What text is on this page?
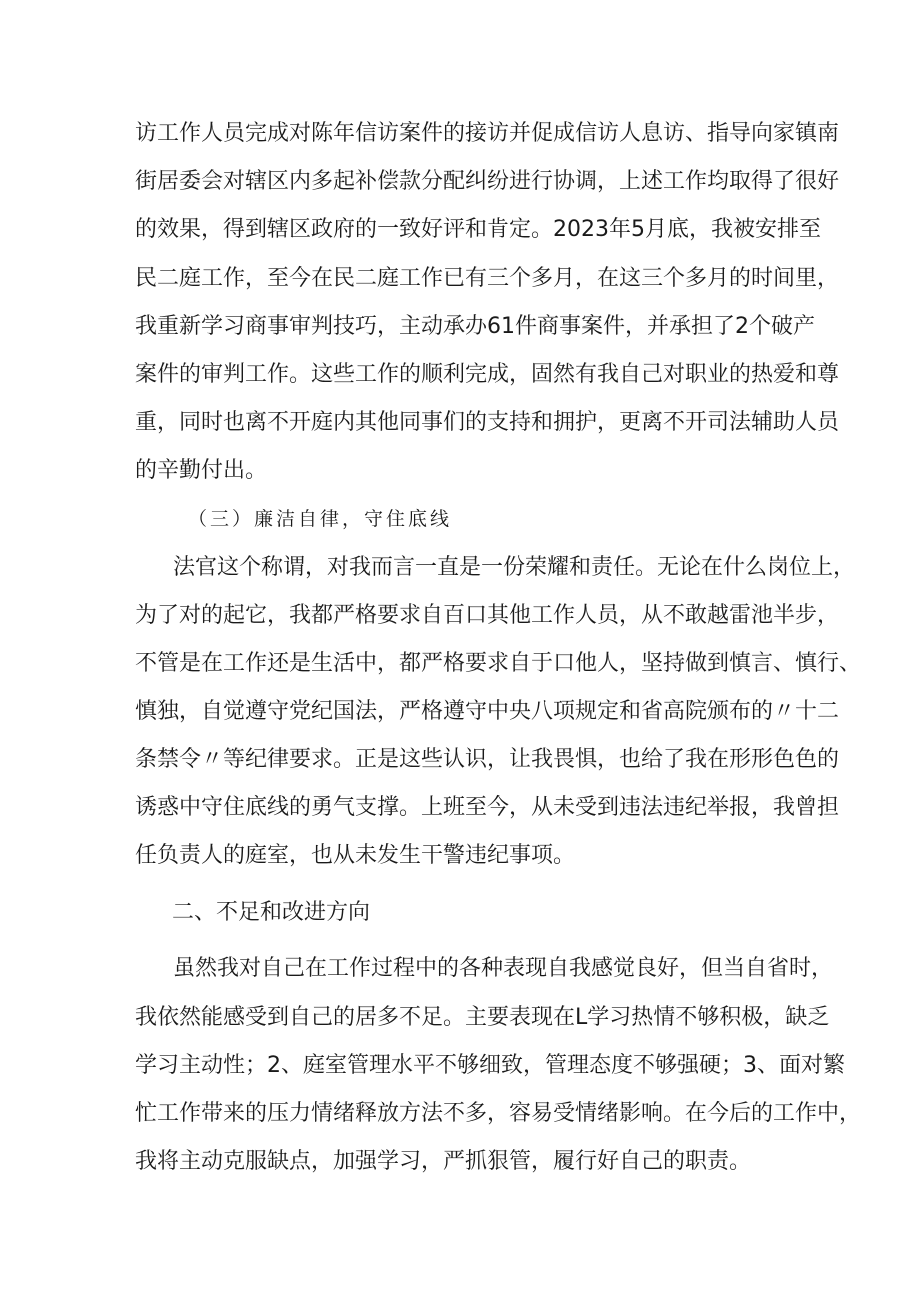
访工作人员完成对陈年信访案件的接访并促成信访人息访、指导向家镇南
街居委会对辖区内多起补偿款分配纠纷进行协调，上述工作均取得了很好
的效果，得到辖区政府的一致好评和肯定。2023年5月底，我被安排至
民二庭工作，至今在民二庭工作已有三个多月，在这三个多月的时间里，
我重新学习商事审判技巧，主动承办61件商事案件，并承担了2个破产
案件的审判工作。这些工作的顺利完成，固然有我自己对职业的热爱和尊
重，同时也离不开庭内其他同事们的支持和拥护，更离不开司法辅助人员
的辛勤付出。
（三）廉洁自律，守住底线
法官这个称谓，对我而言一直是一份荣耀和责任。无论在什么岗位上，
为了对的起它，我都严格要求自百口其他工作人员，从不敢越雷池半步，
不管是在工作还是生活中，都严格要求自于口他人，坚持做到慎言、慎行、
慎独，自觉遵守党纪国法，严格遵守中央八项规定和省高院颁布的〃十二
条禁令〃等纪律要求。正是这些认识，让我畏惧，也给了我在形形色色的
诱惑中守住底线的勇气支撑。上班至今，从未受到违法违纪举报，我曾担
任负责人的庭室，也从未发生干警违纪事项。
二、不足和改进方向
虽然我对自己在工作过程中的各种表现自我感觉良好，但当自省时，
我依然能感受到自己的居多不足。主要表现在L学习热情不够积极，缺乏
学习主动性；2、庭室管理水平不够细致，管理态度不够强硬；3、面对繁
忙工作带来的压力情绪释放方法不多，容易受情绪影响。在今后的工作中，
我将主动克服缺点，加强学习，严抓狠管，履行好自己的职责。
